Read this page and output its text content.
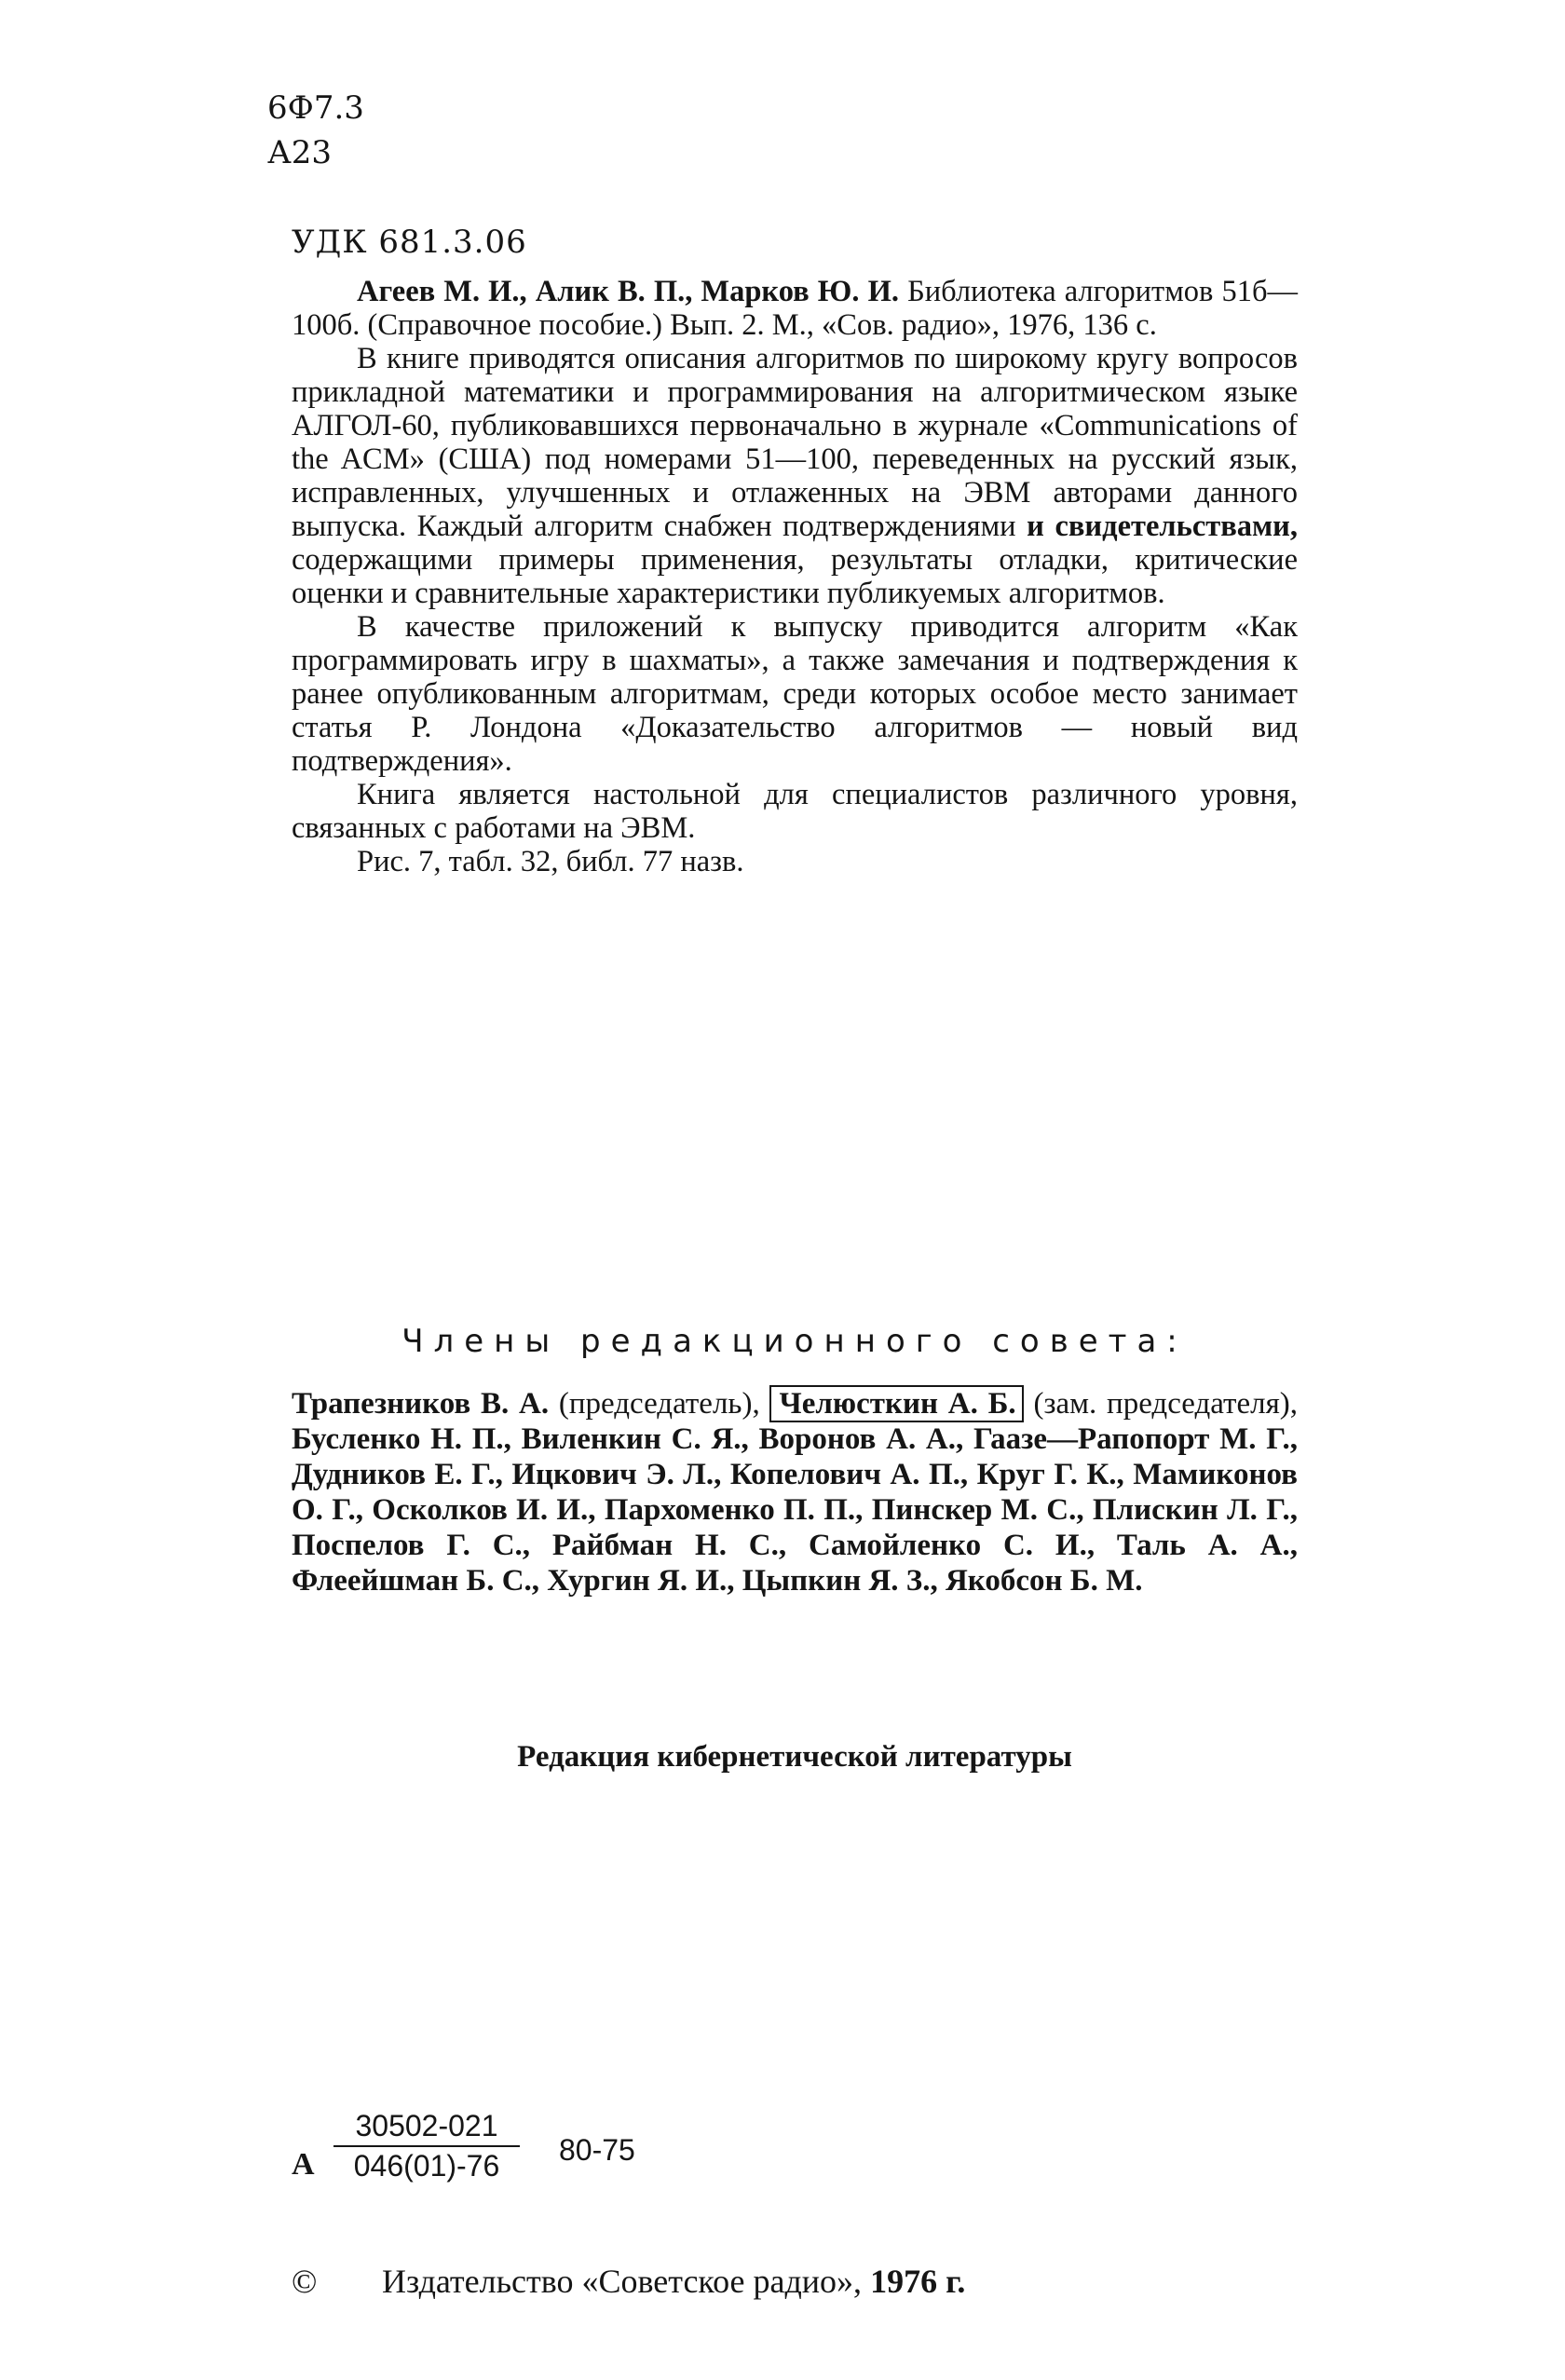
6Ф7.3
А23
УДК 681.3.06

Агеев М. И., Алик В. П., Марков Ю. И. Библиотека алгоритмов 51б—100б. (Справочное пособие.) Вып. 2. М., «Сов. радио», 1976, 136 с.

В книге приводятся описания алгоритмов по широкому кругу вопросов прикладной математики и программирования на алгоритмическом языке АЛГОЛ-60, публиковавшихся первоначально в журнале «Communications of the ACM» (США) под номерами 51—100, переведенных на русский язык, исправленных, улучшенных и отлаженных на ЭВМ авторами данного выпуска. Каждый алгоритм снабжен подтверждениями и свидетельствами, содержащими примеры применения, результаты отладки, критические оценки и сравнительные характеристики публикуемых алгоритмов.

В качестве приложений к выпуску приводится алгоритм «Как программировать игру в шахматы», а также замечания и подтверждения к ранее опубликованным алгоритмам, среди которых особое место занимает статья Р. Лондона «Доказательство алгоритмов — новый вид подтверждения».

Книга является настольной для специалистов различного уровня, связанных с работами на ЭВМ.

Рис. 7, табл. 32, библ. 77 назв.

Члены редакционного совета:
Трапезников В. А. (председатель), Челюсткин А. Б. (зам. председателя), Бусленко Н. П., Виленкин С. Я., Воронов А. А., Гаазе—Рапопорт М. Г., Дудников Е. Г., Ицкович Э. Л., Копелович А. П., Круг Г. К., Мамиконов О. Г., Осколков И. И., Пархоменко П. П., Пинскер М. С., Плискин Л. Г., Поспелов Г. С., Райбман Н. С., Самойленко С. И., Таль А. А., Флеейшман Б. С., Хургин Я. И., Цыпкин Я. З., Якобсон Б. М.
Редакция кибернетической литературы
А $\frac{30502-021}{046(01)-76} 80-75$
© Издательство «Советское радио», 1976 г.
